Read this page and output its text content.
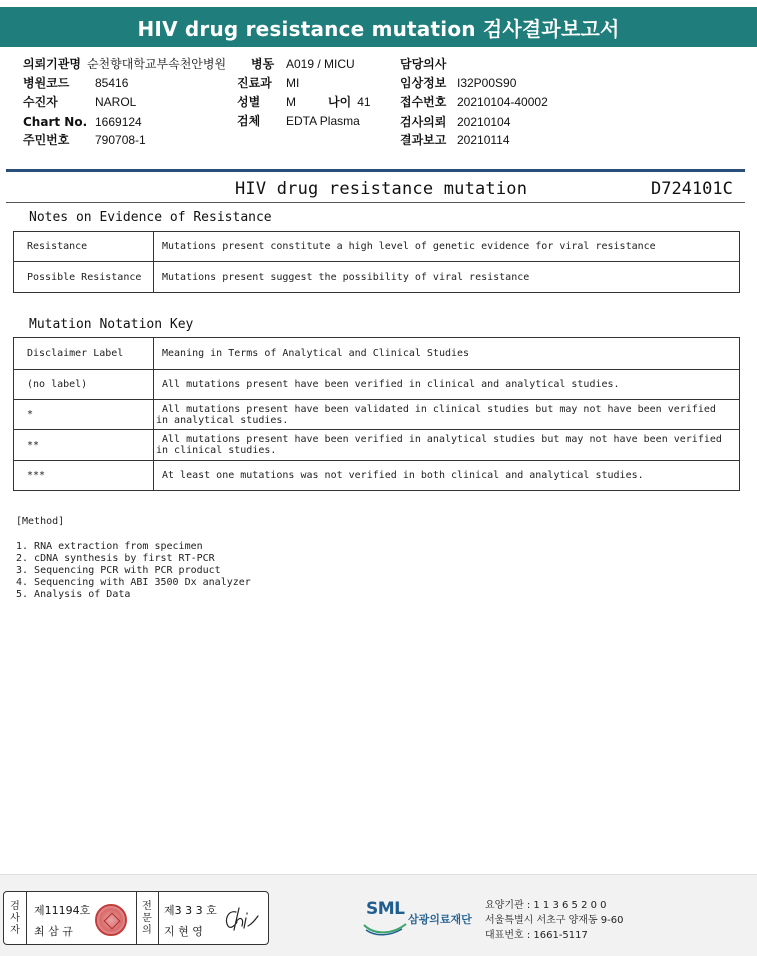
HIV drug resistance mutation 검사결과보고서
의뢰기관명 순천향대학교부속천안병원
병원코드 85416
수진자	NAROL
Chart No. 1669124
주민번호 790708-1
병동 A019 / MICU
진료과 MI
성별 M	나이 41
검체 EDTA Plasma
담당의사
임상정보 I32P00S90
접수번호 20210104-40002
검사의뢰 20210104
결과보고 20210114
HIV drug resistance mutation	D724101C
Notes on Evidence of Resistance
Resistance	Mutations present constitute a high level of genetic evidence for viral resistance
Possible Resistance	Mutations present suggest the possibility of viral resistance
Mutation Notation Key
Disclaimer Label	Meaning in Terms of Analytical and Clinical Studies
(no label)	All mutations present have been verified in clinical and analytical studies.
*	All mutations present have been validated in clinical studies but may not have been verified
in analytical studies.

**	All mutations present have been verified in analytical studies but may not have been verified
in clinical studies.

***	At least one mutations was not verified in both clinical and analytical studies.
[Method]
1. RNA extraction from specimen
2. cDNA synthesis by first RT-PCR
3. Sequencing PCR with PCR product
4. Sequencing with ABI 3500 Dx analyzer
5. Analysis of Data
검사자
제11194호
최 삼 규
전문의
제3 3 3 호
지 현 영
SML
삼광의료재단
요양기관 : 1 1 3 6 5 2 0 0
서울특별시 서초구 양재동 9-60
대표번호 : 1661-5117
